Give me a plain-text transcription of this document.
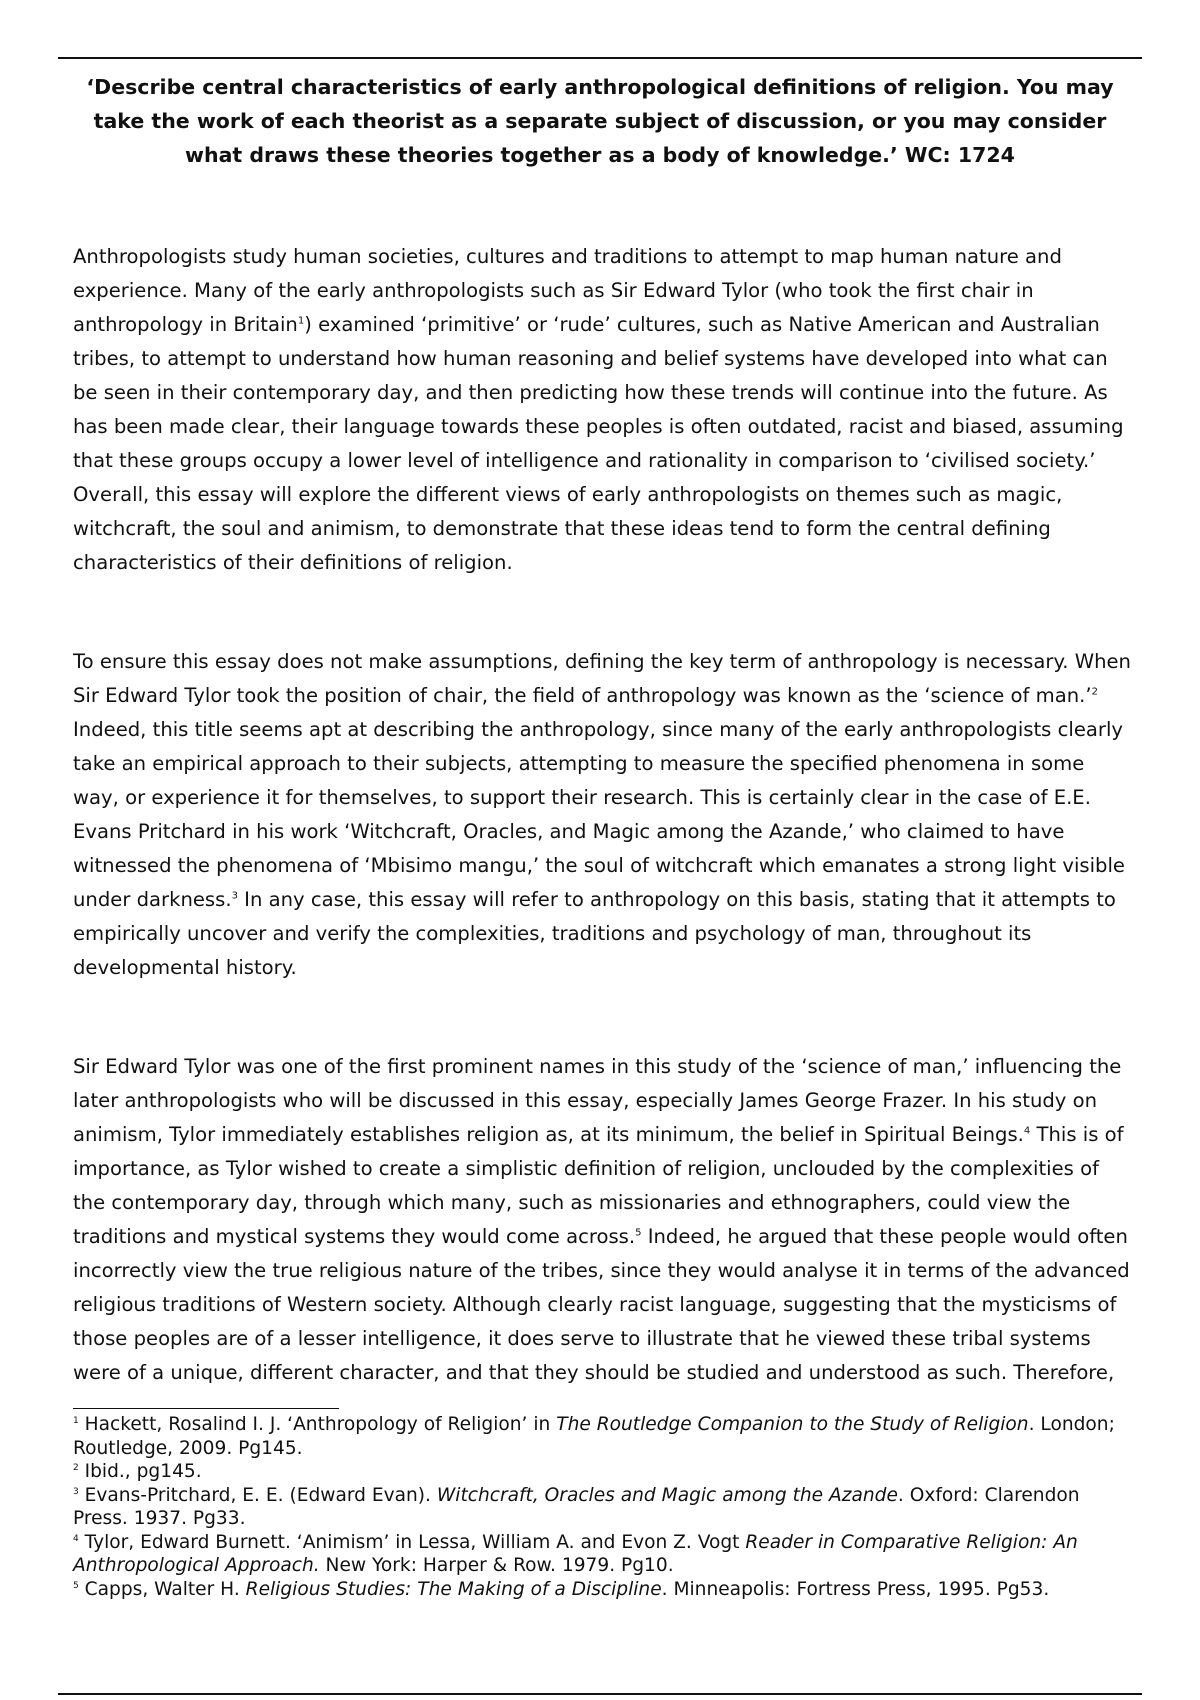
‘Describe central characteristics of early anthropological definitions of religion. You may take the work of each theorist as a separate subject of discussion, or you may consider what draws these theories together as a body of knowledge.’ WC: 1724

Anthropologists study human societies, cultures and traditions to attempt to map human nature and experience. Many of the early anthropologists such as Sir Edward Tylor (who took the first chair in anthropology in Britain$^1$) examined ‘primitive’ or ‘rude’ cultures, such as Native American and Australian tribes, to attempt to understand how human reasoning and belief systems have developed into what can be seen in their contemporary day, and then predicting how these trends will continue into the future. As has been made clear, their language towards these peoples is often outdated, racist and biased, assuming that these groups occupy a lower level of intelligence and rationality in comparison to ‘civilised society.’ Overall, this essay will explore the different views of early anthropologists on themes such as magic, witchcraft, the soul and animism, to demonstrate that these ideas tend to form the central defining characteristics of their definitions of religion.

To ensure this essay does not make assumptions, defining the key term of anthropology is necessary. When Sir Edward Tylor took the position of chair, the field of anthropology was known as the ‘science of man.’$^2$ Indeed, this title seems apt at describing the anthropology, since many of the early anthropologists clearly take an empirical approach to their subjects, attempting to measure the specified phenomena in some way, or experience it for themselves, to support their research. This is certainly clear in the case of E.E. Evans Pritchard in his work ‘Witchcraft, Oracles, and Magic among the Azande,’ who claimed to have witnessed the phenomena of ‘Mbisimo mangu,’ the soul of witchcraft which emanates a strong light visible under darkness.$^3$ In any case, this essay will refer to anthropology on this basis, stating that it attempts to empirically uncover and verify the complexities, traditions and psychology of man, throughout its developmental history.

Sir Edward Tylor was one of the first prominent names in this study of the ‘science of man,’ influencing the later anthropologists who will be discussed in this essay, especially James George Frazer. In his study on animism, Tylor immediately establishes religion as, at its minimum, the belief in Spiritual Beings.$^4$ This is of importance, as Tylor wished to create a simplistic definition of religion, unclouded by the complexities of the contemporary day, through which many, such as missionaries and ethnographers, could view the traditions and mystical systems they would come across.$^5$ Indeed, he argued that these people would often incorrectly view the true religious nature of the tribes, since they would analyse it in terms of the advanced religious traditions of Western society. Although clearly racist language, suggesting that the mysticisms of those peoples are of a lesser intelligence, it does serve to illustrate that he viewed these tribal systems were of a unique, different character, and that they should be studied and understood as such. Therefore,

$^1$ Hackett, Rosalind I. J. ‘Anthropology of Religion’ in The Routledge Companion to the Study of Religion. London; Routledge, 2009. Pg145.

$^2$ Ibid., pg145.

$^3$ Evans-Pritchard, E. E. (Edward Evan). Witchcraft, Oracles and Magic among the Azande. Oxford: Clarendon Press. 1937. Pg33.

$^4$ Tylor, Edward Burnett. ‘Animism’ in Lessa, William A. and Evon Z. Vogt Reader in Comparative Religion: An Anthropological Approach. New York: Harper & Row. 1979. Pg10.

$^5$ Capps, Walter H. Religious Studies: The Making of a Discipline. Minneapolis: Fortress Press, 1995. Pg53.
